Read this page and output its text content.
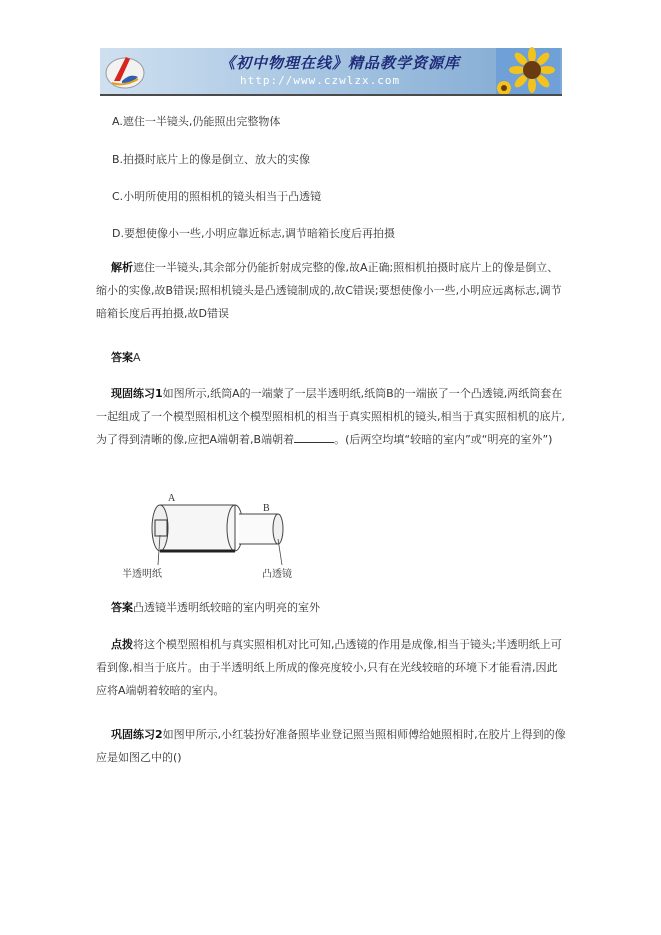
《初中物理在线》精品教学资源库
http://www.czwlzx.com
A.遮住一半镜头,仍能照出完整物体
B.拍摄时底片上的像是倒立、放大的实像
C.小明所使用的照相机的镜头相当于凸透镜
D.要想使像小一些,小明应靠近标志,调节暗箱长度后再拍摄
解析遮住一半镜头,其余部分仍能折射成完整的像,故A正确;照相机拍摄时底片上的像是倒立、缩小的实像,故B错误;照相机镜头是凸透镜制成的,故C错误;要想使像小一些,小明应远离标志,调节暗箱长度后再拍摄,故D错误
答案A
现固练习1如图所示,纸筒A的一端蒙了一层半透明纸,纸筒B的一端嵌了一个凸透镜,两纸筒套在一起组成了一个模型照相机这个模型照相机的相当于真实照相机的镜头,相当于真实照相机的底片,为了得到清晰的像,应把A端朝着,B端朝着	。(后两空均填“较暗的室内”或“明亮的室外”)
A
B
半透明纸	凸透镜
答案凸透镜半透明纸较暗的室内明亮的室外
点拨将这个模型照相机与真实照相机对比可知,凸透镜的作用是成像,相当于镜头;半透明纸上可看到像,相当于底片。由于半透明纸上所成的像亮度较小,只有在光线较暗的环境下才能看清,因此应将A端朝着较暗的室内。
巩固练习2如图甲所示,小红装扮好准备照毕业登记照当照相师傅给她照相时,在胶片上得到的像应是如图乙中的()
